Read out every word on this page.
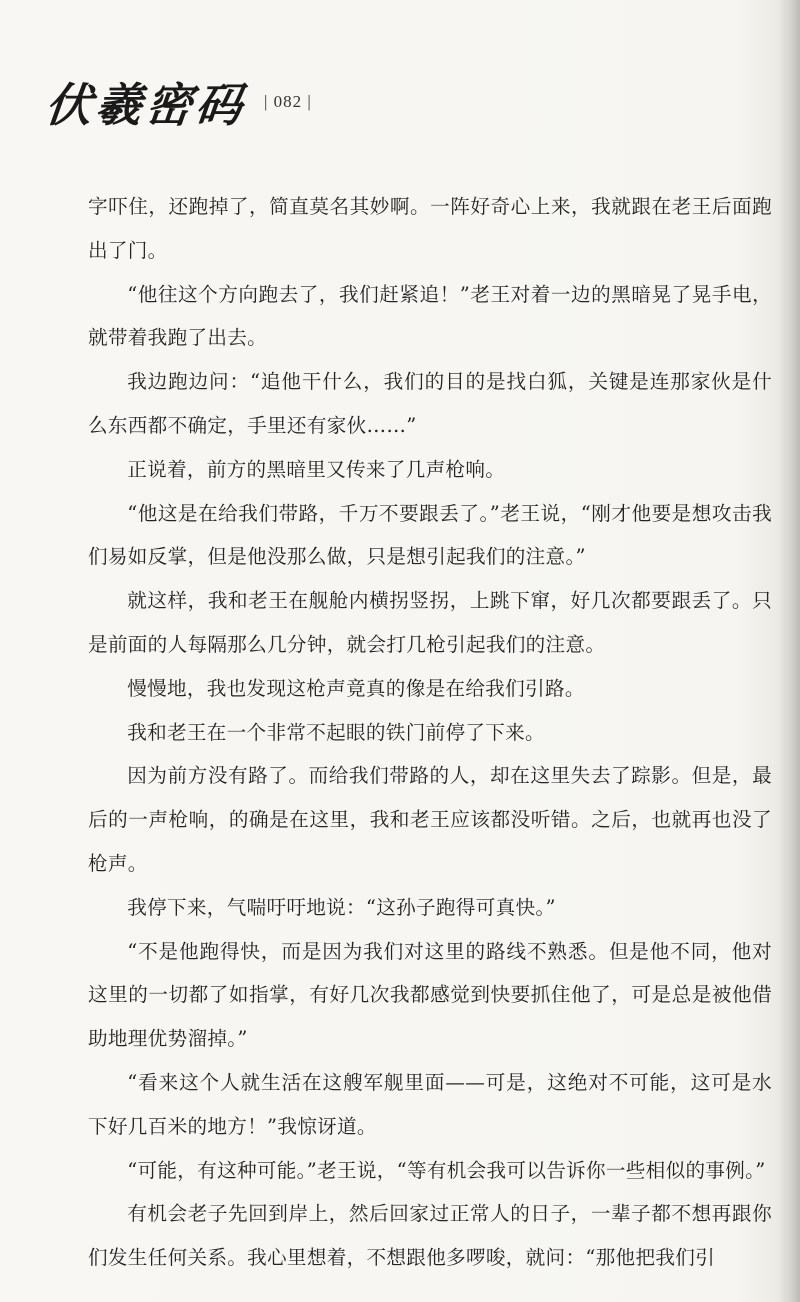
伏羲密码 | 082 |

字吓住，还跑掉了，简直莫名其妙啊。一阵好奇心上来，我就跟在老王后面跑出了门。

“他往这个方向跑去了，我们赶紧追！”老王对着一边的黑暗晃了晃手电，就带着我跑了出去。

我边跑边问：“追他干什么，我们的目的是找白狐，关键是连那家伙是什么东西都不确定，手里还有家伙……”

正说着，前方的黑暗里又传来了几声枪响。

“他这是在给我们带路，千万不要跟丢了。”老王说，“刚才他要是想攻击我们易如反掌，但是他没那么做，只是想引起我们的注意。”

就这样，我和老王在舰舱内横拐竖拐，上跳下窜，好几次都要跟丢了。只是前面的人每隔那么几分钟，就会打几枪引起我们的注意。

慢慢地，我也发现这枪声竟真的像是在给我们引路。

我和老王在一个非常不起眼的铁门前停了下来。

因为前方没有路了。而给我们带路的人，却在这里失去了踪影。但是，最后的一声枪响，的确是在这里，我和老王应该都没听错。之后，也就再也没了枪声。

我停下来，气喘吁吁地说：“这孙子跑得可真快。”

“不是他跑得快，而是因为我们对这里的路线不熟悉。但是他不同，他对这里的一切都了如指掌，有好几次我都感觉到快要抓住他了，可是总是被他借助地理优势溜掉。”

“看来这个人就生活在这艘军舰里面——可是，这绝对不可能，这可是水下好几百米的地方！”我惊讶道。

“可能，有这种可能。”老王说，“等有机会我可以告诉你一些相似的事例。”

有机会老子先回到岸上，然后回家过正常人的日子，一辈子都不想再跟你们发生任何关系。我心里想着，不想跟他多啰唆，就问：“那他把我们引
